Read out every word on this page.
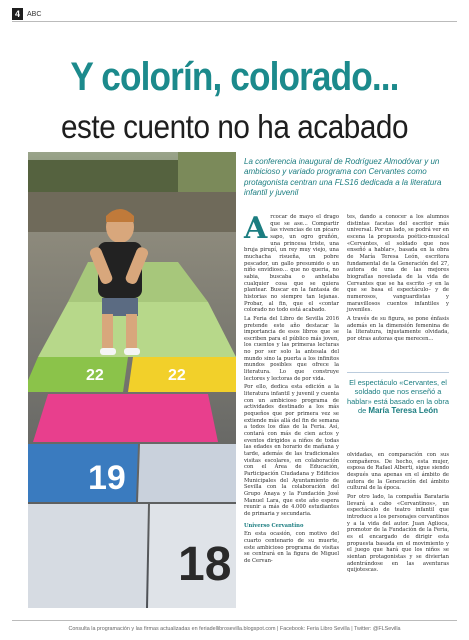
4	ABC
Y colorín, colorado...
este cuento no ha acabado
22	22
19
18
La conferencia inaugural de Rodríguez Almodóvar y un ambicioso y variado programa con Cervantes como protagonista centran una FLS16 dedicada a la literatura infantil y juvenil

Arcocar de mayo el drago que se ase... Compartir las vivencias de un pícaro sapo, un ogro gruñón, una princesa triste, una bruja pirupí, un rey muy viejo, una muchacha risueña, un pobre pescador, un gallo presumido o un niño envidioso… que no queria, no sabia, buscaba o anhelaba cualquier cosa que se quiera plantear. Buscar en la fantasía de historias no siempre tan lejanas. Probar, al fin, que el «contar colorado no todo está acabado.

La Feria del Libro de Sevilla 2016 pretende este año destacar la importancia de esos libros que se escriben para el público más joven, los cuentos y las primeras lecturas no por ser solo la antesala del mundo sino la puerta a los infinitos mundos posibles que ofrece la literatura. Lo que construye lectores y lectoras de por vida.

Por ello, dedica esta edición a la literatura infantil y juvenil y cuenta con un ambicioso programa de actividades destinado a los más pequeños que por primera vez se extiende más allá del fin de semana a todos los días de la Feria. Así, contará con más de cien actos y eventos dirigidos a niños de todas las edades en horario de mañana y tarde, además de las tradicionales visitas escolares, en colaboración con el Área de Educación, Participación Ciudadana y Edificios Municipales del Ayuntamiento de Sevilla con la colaboración del Grupo Anaya y la Fundación José Manuel Lara, que este año espera reunir a más de 4.000 estudiantes de primaria y secundaria.

Universo Cervantino

En esta ocasión, con motivo del cuarto centenario de su muerte, este ambicioso programa de visitas se centrará en la figura de Miguel de Cervan-

tes, dando a conocer a los alumnos distintas facetas del escritor más universal. Por un lado, se podrá ver en escena la propuesta poético-musical «Cervantes, el soldado que nos enseñó a hablar», basada en la obra de María Teresa León, escritora fundamental de la Generación del 27, autora de una de las mejores biografías novelada de la vida de Cervantes que se ha escrito –y en la que se basa el espectáculo– y de numerosos, vanguardistas y maravillosos cuentos infantiles y juveniles.

A través de su figura, se pone énfasis además en la dimensión femenina de la literatura, injustamente olvidada, por otras autoras que merecen...

El espectáculo «Cervantes, el soldado que nos enseñó a hablar» está basado en la obra de María Teresa León

olvidadas, en comparación con sus compañeros. De hecho, esta mujer, esposa de Rafael Alberti, sigue siendo después una apenas en el ámbito de autora de la Generación del ámbito cultural de la época.

Por otro lado, la compañía Barataria llevará a cabo «Cervantinos», un espectáculo de teatro infantil que introduce a los personajes cervantinos y a la vida del autor. Juan Aglioca, promotor de la Fundación de la Feria, es el encargado de dirigir esta propuesta basada en el movimiento y el juego que hará que los niños se sientan protagonistas y se diviertan adentrándose en las aventuras quijotescas.

Consulta la programación y las firmas actualizadas en feriadellibrosevilla.blogspot.com | Facebook: Feria Libro Sevilla | Twitter: @FLSevilla
